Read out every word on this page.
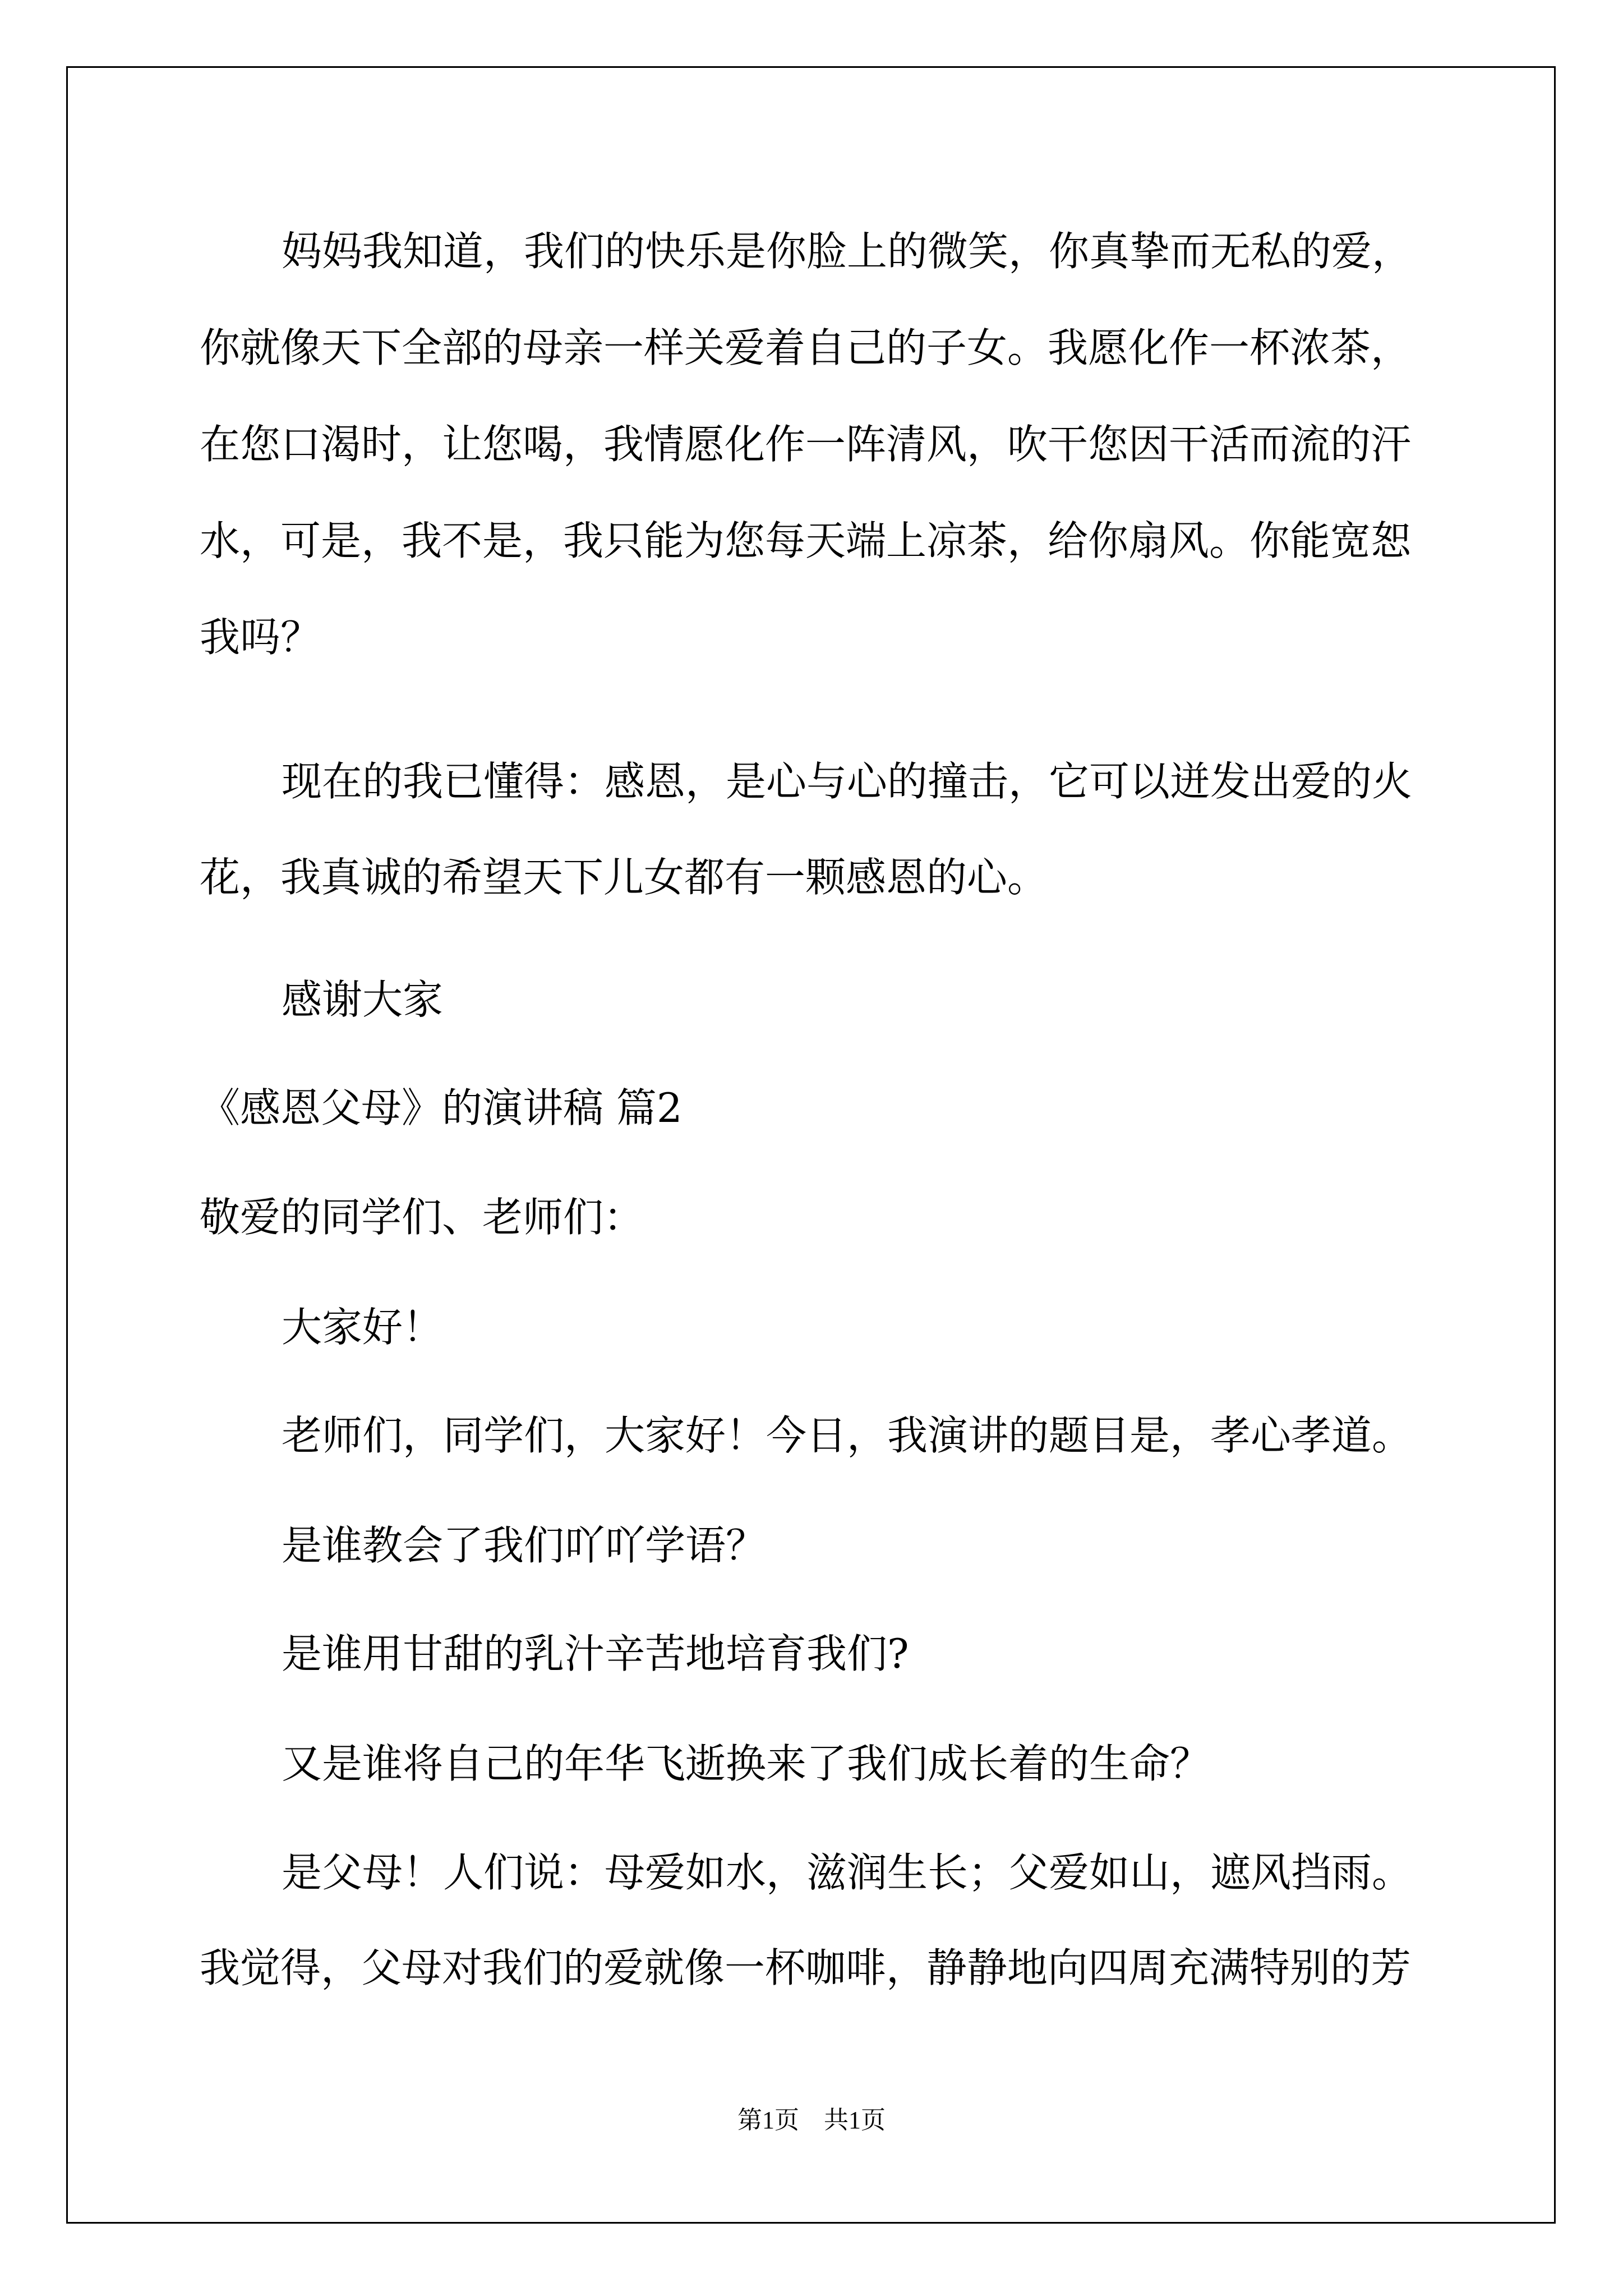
妈妈我知道，我们的快乐是你脸上的微笑，你真挚而无私的爱，
你就像天下全部的母亲一样关爱着自己的子女。我愿化作一杯浓茶，
在您口渴时，让您喝，我情愿化作一阵清风，吹干您因干活而流的汗
水，可是，我不是，我只能为您每天端上凉茶，给你扇风。你能宽恕
我吗？
现在的我已懂得：感恩，是心与心的撞击，它可以迸发出爱的火
花，我真诚的希望天下儿女都有一颗感恩的心。
感谢大家
《感恩父母》的演讲稿 篇2
敬爱的同学们、老师们：
大家好！
老师们，同学们，大家好！今日，我演讲的题目是，孝心孝道。
是谁教会了我们吖吖学语？
是谁用甘甜的乳汁辛苦地培育我们?
又是谁将自己的年华飞逝换来了我们成长着的生命？
是父母！人们说：母爱如水，滋润生长；父爱如山，遮风挡雨。
我觉得，父母对我们的爱就像一杯咖啡，静静地向四周充满特别的芳
第1页　共1页
